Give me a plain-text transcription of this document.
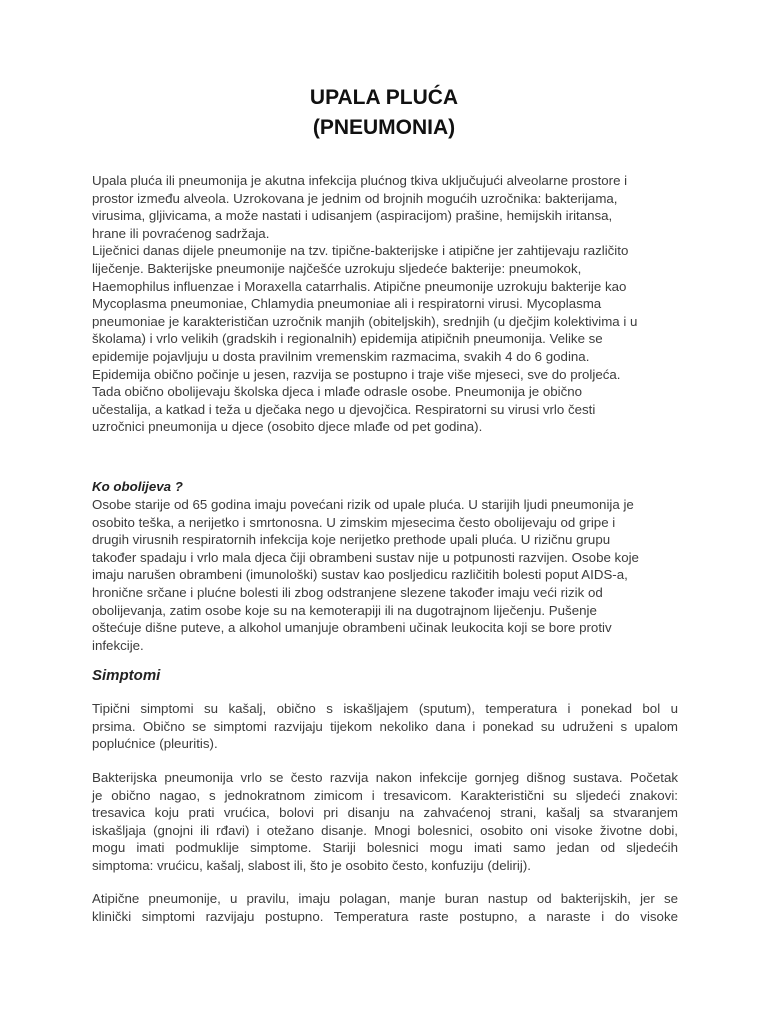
UPALA PLUĆA
(PNEUMONIA)
Upala pluća ili pneumonija je akutna infekcija plućnog tkiva uključujući alveolarne prostore i
prostor između alveola. Uzrokovana je jednim od brojnih mogućih uzročnika: bakterijama,
virusima, gljivicama, a može nastati i udisanjem (aspiracijom) prašine, hemijskih iritansa,
hrane ili povraćenog sadržaja.
Liječnici danas dijele pneumonije na tzv. tipične-bakterijske i atipične jer zahtijevaju različito
liječenje. Bakterijske pneumonije najčešće uzrokuju sljedeće bakterije: pneumokok,
Haemophilus influenzae i Moraxella catarrhalis. Atipične pneumonije uzrokuju bakterije kao
Mycoplasma pneumoniae, Chlamydia pneumoniae ali i respiratorni virusi. Mycoplasma
pneumoniae je karakterističan uzročnik manjih (obiteljskih), srednjih (u dječjim kolektivima i u
školama) i vrlo velikih (gradskih i regionalnih) epidemija atipičnih pneumonija. Velike se
epidemije pojavljuju u dosta pravilnim vremenskim razmacima, svakih 4 do 6 godina.
Epidemija obično počinje u jesen, razvija se postupno i traje više mjeseci, sve do proljeća.
Tada obično obolijevaju školska djeca i mlađe odrasle osobe. Pneumonija je obično
učestalija, a katkad i teža u dječaka nego u djevojčica. Respiratorni su virusi vrlo česti
uzročnici pneumonija u djece (osobito djece mlađe od pet godina).
Ko obolijeva ?
Osobe starije od 65 godina imaju povećani rizik od upale pluća. U starijih ljudi pneumonija je
osobito teška, a nerijetko i smrtonosna. U zimskim mjesecima često obolijevaju od gripe i
drugih virusnih respiratornih infekcija koje nerijetko prethode upali pluća. U rizičnu grupu
također spadaju i vrlo mala djeca čiji obrambeni sustav nije u potpunosti razvijen. Osobe koje
imaju narušen obrambeni (imunološki) sustav kao posljedicu različitih bolesti poput AIDS-a,
hronične srčane i plućne bolesti ili zbog odstranjene slezene također imaju veći rizik od
obolijevanja, zatim osobe koje su na kemoterapiji ili na dugotrajnom liječenju. Pušenje
oštećuje dišne puteve, a alkohol umanjuje obrambeni učinak leukocita koji se bore protiv
infekcije.
Simptomi
Tipični simptomi su kašalj, obično s iskašljajem (sputum), temperatura i ponekad bol u
prsima. Obično se simptomi razvijaju tijekom nekoliko dana i ponekad su udruženi s upalom
poplućnice (pleuritis).
Bakterijska pneumonija vrlo se često razvija nakon infekcije gornjeg dišnog sustava. Početak
je obično nagao, s jednokratnom zimicom i tresavicom. Karakteristični su sljedeći znakovi:
tresavica koju prati vrućica, bolovi pri disanju na zahvaćenoj strani, kašalj sa stvaranjem
iskašljaja (gnojni ili rđavi) i otežano disanje. Mnogi bolesnici, osobito oni visoke životne dobi,
mogu imati podmuklije simptome. Stariji bolesnici mogu imati samo jedan od sljedećih
simptoma: vrućicu, kašalj, slabost ili, što je osobito često, konfuziju (delirij).
Atipične pneumonije, u pravilu, imaju polagan, manje buran nastup od bakterijskih, jer se
klinički simptomi razvijaju postupno. Temperatura raste postupno, a naraste i do visoke
